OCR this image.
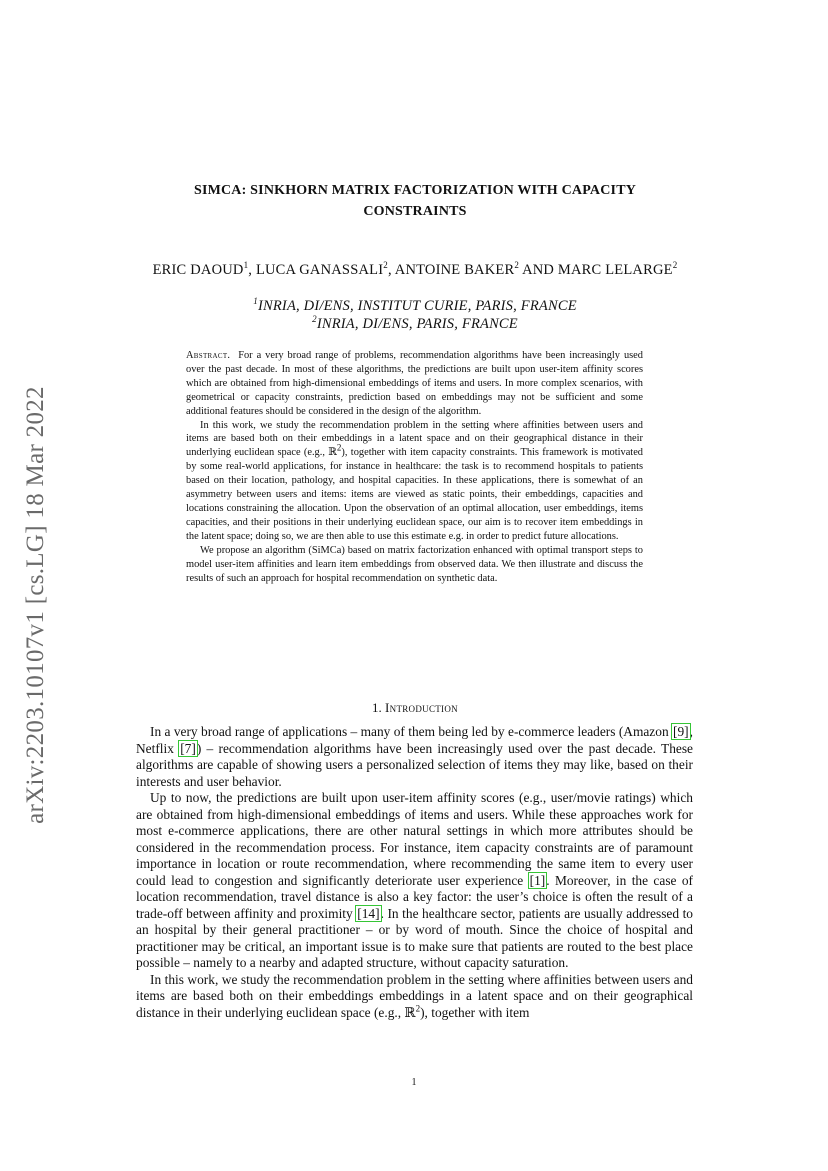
arXiv:2203.10107v1 [cs.LG] 18 Mar 2022
SIMCA: SINKHORN MATRIX FACTORIZATION WITH CAPACITY
CONSTRAINTS
ERIC DAOUD$^1$, LUCA GANASSALI$^2$, ANTOINE BAKER$^2$ AND MARC LELARGE$^2$
$^1$INRIA, DI/ENS, INSTITUT CURIE, PARIS, FRANCE
$^2$INRIA, DI/ENS, PARIS, FRANCE

Abstract. For a very broad range of problems, recommendation algorithms have been increasingly used over the past decade. In most of these algorithms, the predictions are built upon user-item affinity scores which are obtained from high-dimensional embeddings of items and users. In more complex scenarios, with geometrical or capacity constraints, prediction based on embeddings may not be sufficient and some additional features should be considered in the design of the algorithm.

In this work, we study the recommendation problem in the setting where affinities between users and items are based both on their embeddings in a latent space and on their geographical distance in their underlying euclidean space (e.g., ℝ$^2$), together with item capacity constraints. This framework is motivated by some real-world applications, for instance in healthcare: the task is to recommend hospitals to patients based on their location, pathology, and hospital capacities. In these applications, there is somewhat of an asymmetry between users and items: items are viewed as static points, their embeddings, capacities and locations constraining the allocation. Upon the observation of an optimal allocation, user embeddings, items capacities, and their positions in their underlying euclidean space, our aim is to recover item embeddings in the latent space; doing so, we are then able to use this estimate e.g. in order to predict future allocations.

We propose an algorithm (SiMCa) based on matrix factorization enhanced with optimal transport steps to model user-item affinities and learn item embeddings from observed data. We then illustrate and discuss the results of such an approach for hospital recommendation on synthetic data.

1. Introduction

In a very broad range of applications – many of them being led by e-commerce leaders (Amazon [9], Netflix [7]) – recommendation algorithms have been increasingly used over the past decade. These algorithms are capable of showing users a personalized selection of items they may like, based on their interests and user behavior.

Up to now, the predictions are built upon user-item affinity scores (e.g., user/movie ratings) which are obtained from high-dimensional embeddings of items and users. While these approaches work for most e-commerce applications, there are other natural settings in which more attributes should be considered in the recommendation process. For instance, item capacity constraints are of paramount importance in location or route recommendation, where recommending the same item to every user could lead to congestion and significantly deteriorate user experience [1]. Moreover, in the case of location recommendation, travel distance is also a key factor: the user’s choice is often the result of a trade-off between affinity and proximity [14]. In the healthcare sector, patients are usually addressed to an hospital by their general practitioner – or by word of mouth. Since the choice of hospital and practitioner may be critical, an important issue is to make sure that patients are routed to the best place possible – namely to a nearby and adapted structure, without capacity saturation.

In this work, we study the recommendation problem in the setting where affinities between users and items are based both on their embeddings embeddings in a latent space and on their geographical distance in their underlying euclidean space (e.g., ℝ$^2$), together with item

1
